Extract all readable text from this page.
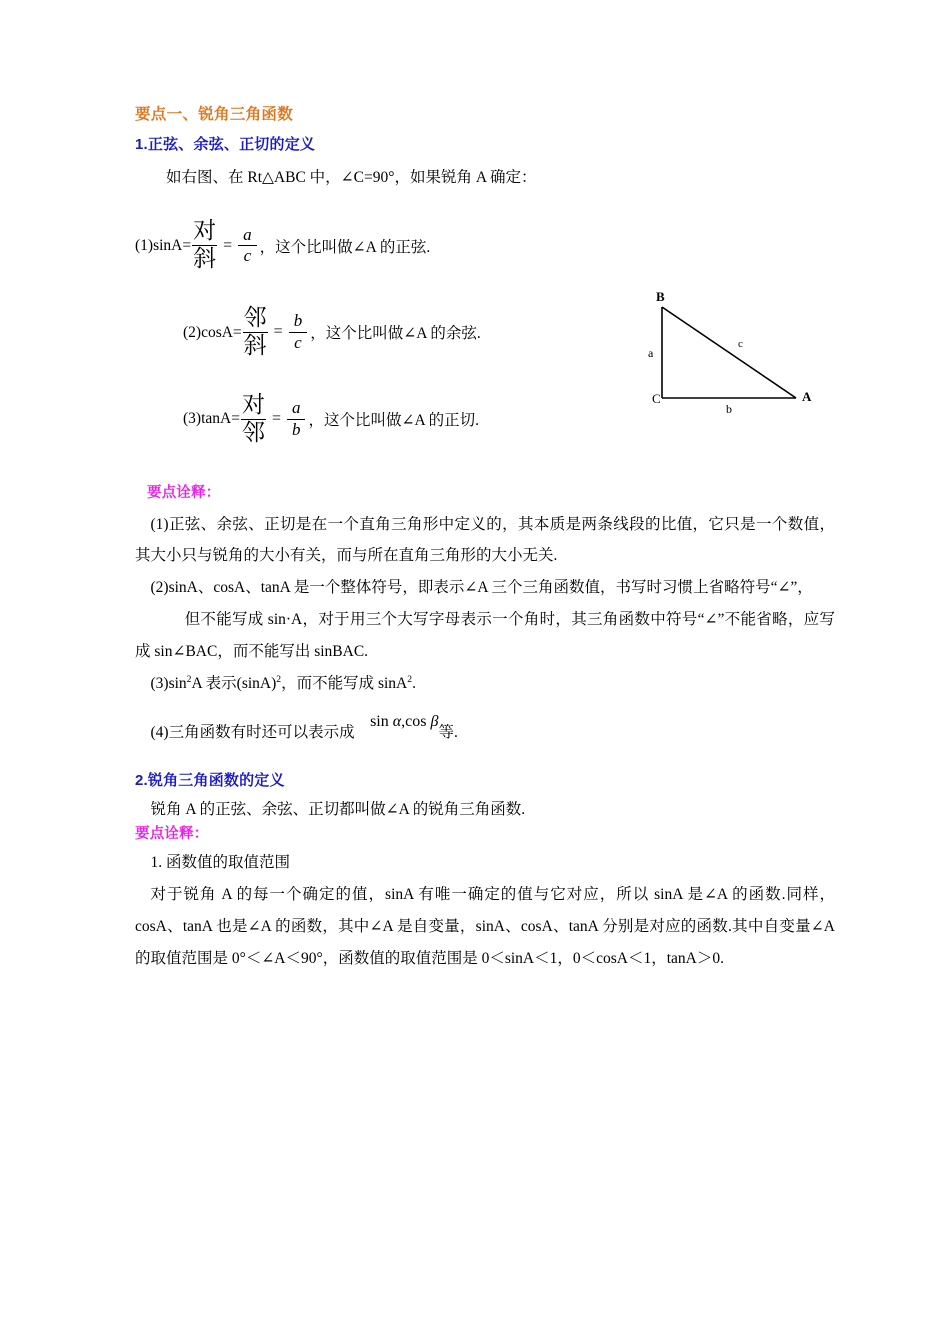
B
C	A
a
b
c
要点一、锐角三角函数
1.正弦、余弦、正切的定义

如右图、在 Rt△ABC 中，∠C=90°，如果锐角 A 确定：

$(1)\sin A= \frac{\text{对}}{\text{斜}} = \frac{a}{c}$ ，这个比叫做∠A 的正弦.
$(2)\cos A= \frac{\text{邻}}{\text{斜}} = \frac{b}{c}$ ，这个比叫做∠A 的余弦.
$(3)\tan A= \frac{\text{对}}{\text{邻}} = \frac{a}{b}$ ，这个比叫做∠A 的正切.
要点诠释：

(1)正弦、余弦、正切是在一个直角三角形中定义的，其本质是两条线段的比值，它只是一个数值，其大小只与锐角的大小有关，而与所在直角三角形的大小无关.

(2)sinA、cosA、tanA 是一个整体符号，即表示∠A 三个三角函数值，书写时习惯上省略符号“∠”，

但不能写成 sin·A，对于用三个大写字母表示一个角时，其三角函数中符号“∠”不能省略，应写成 sin∠BAC，而不能写出 sinBAC.

$(3)\sin^2A$ 表示$(\sin A)^2$，而不能写成 sinA$^2$.

(4)三角函数有时还可以表示成sin α,cos β等.

2.锐角三角函数的定义

锐角 A 的正弦、余弦、正切都叫做∠A 的锐角三角函数.

要点诠释：

1. 函数值的取值范围

对于锐角 A 的每一个确定的值，sinA 有唯一确定的值与它对应，所以 sinA 是∠A 的函数.同样，cosA、tanA 也是∠A 的函数，其中∠A 是自变量，sinA、cosA、tanA 分别是对应的函数.其中自变量∠A 的取值范围是 0°＜∠A＜90°，函数值的取值范围是 0＜sinA＜1，0＜cosA＜1，tanA＞0.
